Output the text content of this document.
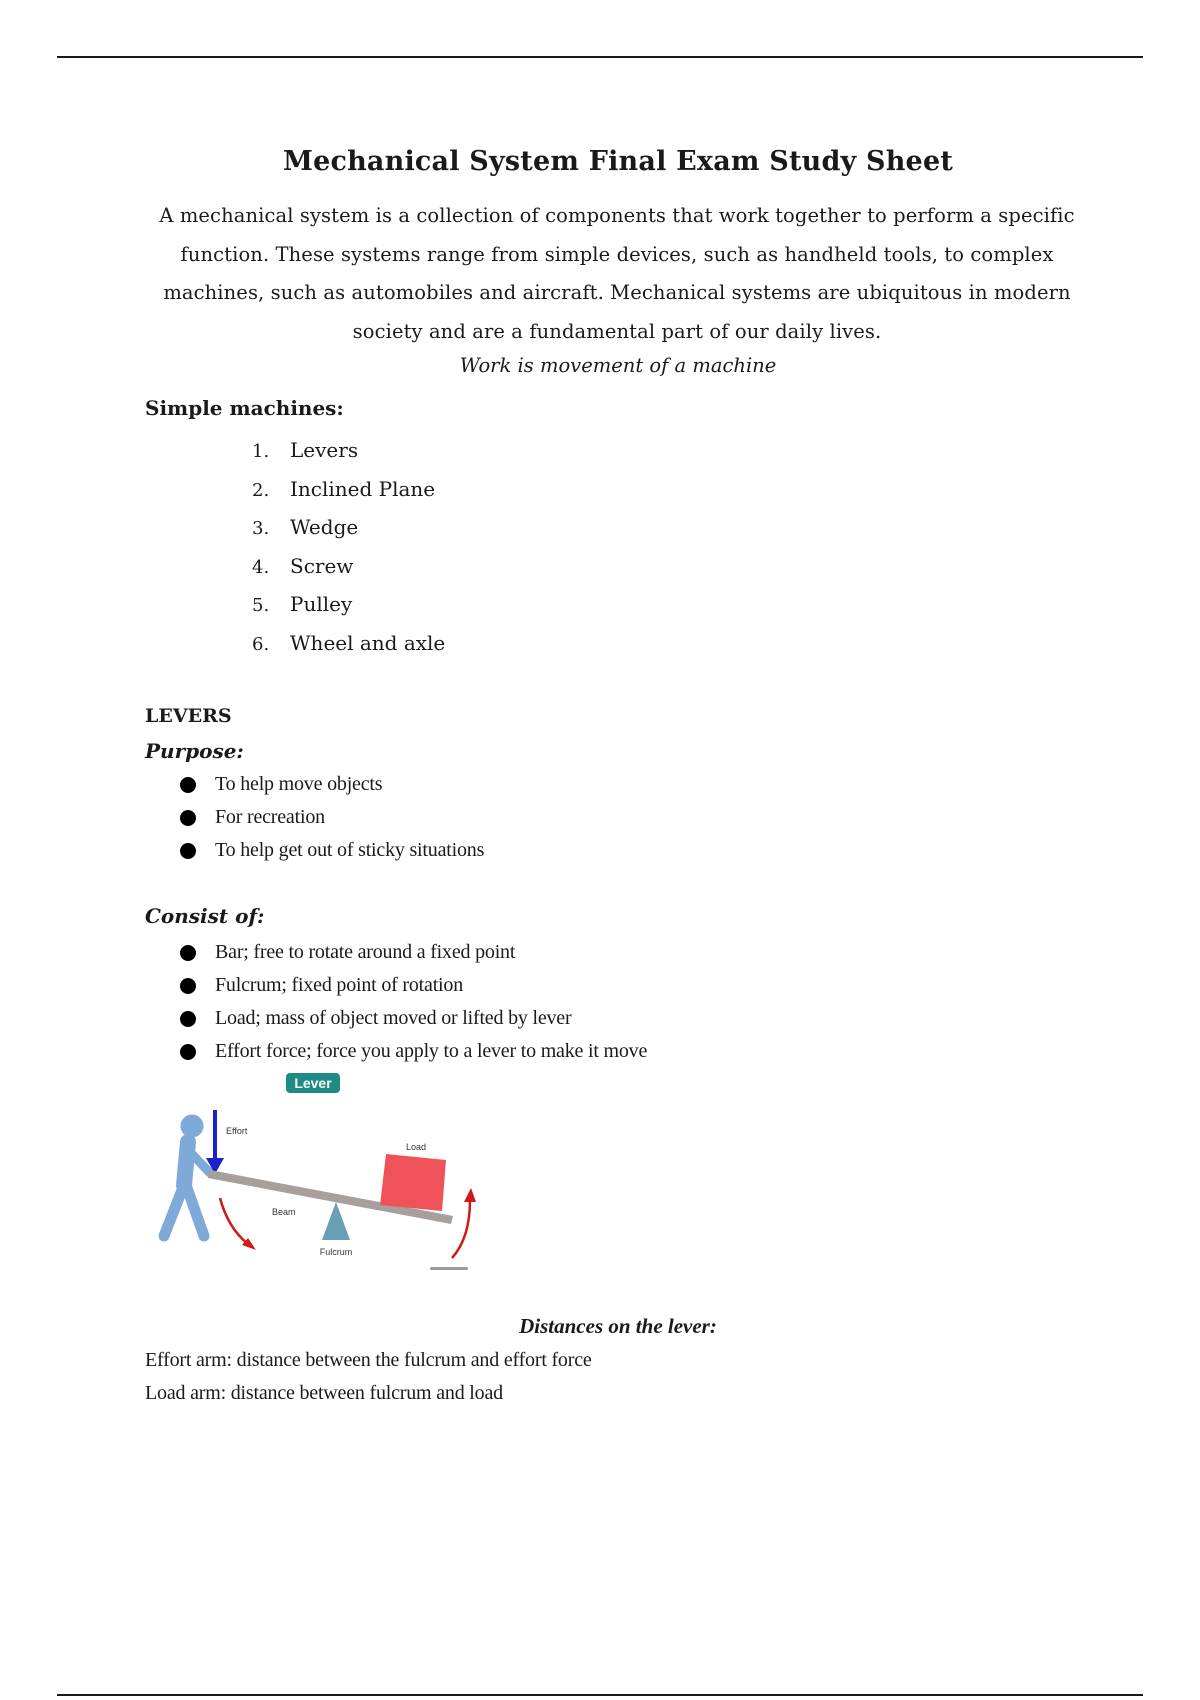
Mechanical System Final Exam Study Sheet
A mechanical system is a collection of components that work together to perform a specific function. These systems range from simple devices, such as handheld tools, to complex machines, such as automobiles and aircraft. Mechanical systems are ubiquitous in modern society and are a fundamental part of our daily lives.
Work is movement of a machine
Simple machines:
1. Levers
2. Inclined Plane
3. Wedge
4. Screw
5. Pulley
6. Wheel and axle
LEVERS
Purpose:
To help move objects
For recreation
To help get out of sticky situations
Consist of:
Bar; free to rotate around a fixed point
Fulcrum; fixed point of rotation
Load; mass of object moved or lifted by lever
Effort force; force you apply to a lever to make it move
Lever
Effort
Beam
Fulcrum
Load
Distances on the lever:
Effort arm: distance between the fulcrum and effort force
Load arm: distance between fulcrum and load
